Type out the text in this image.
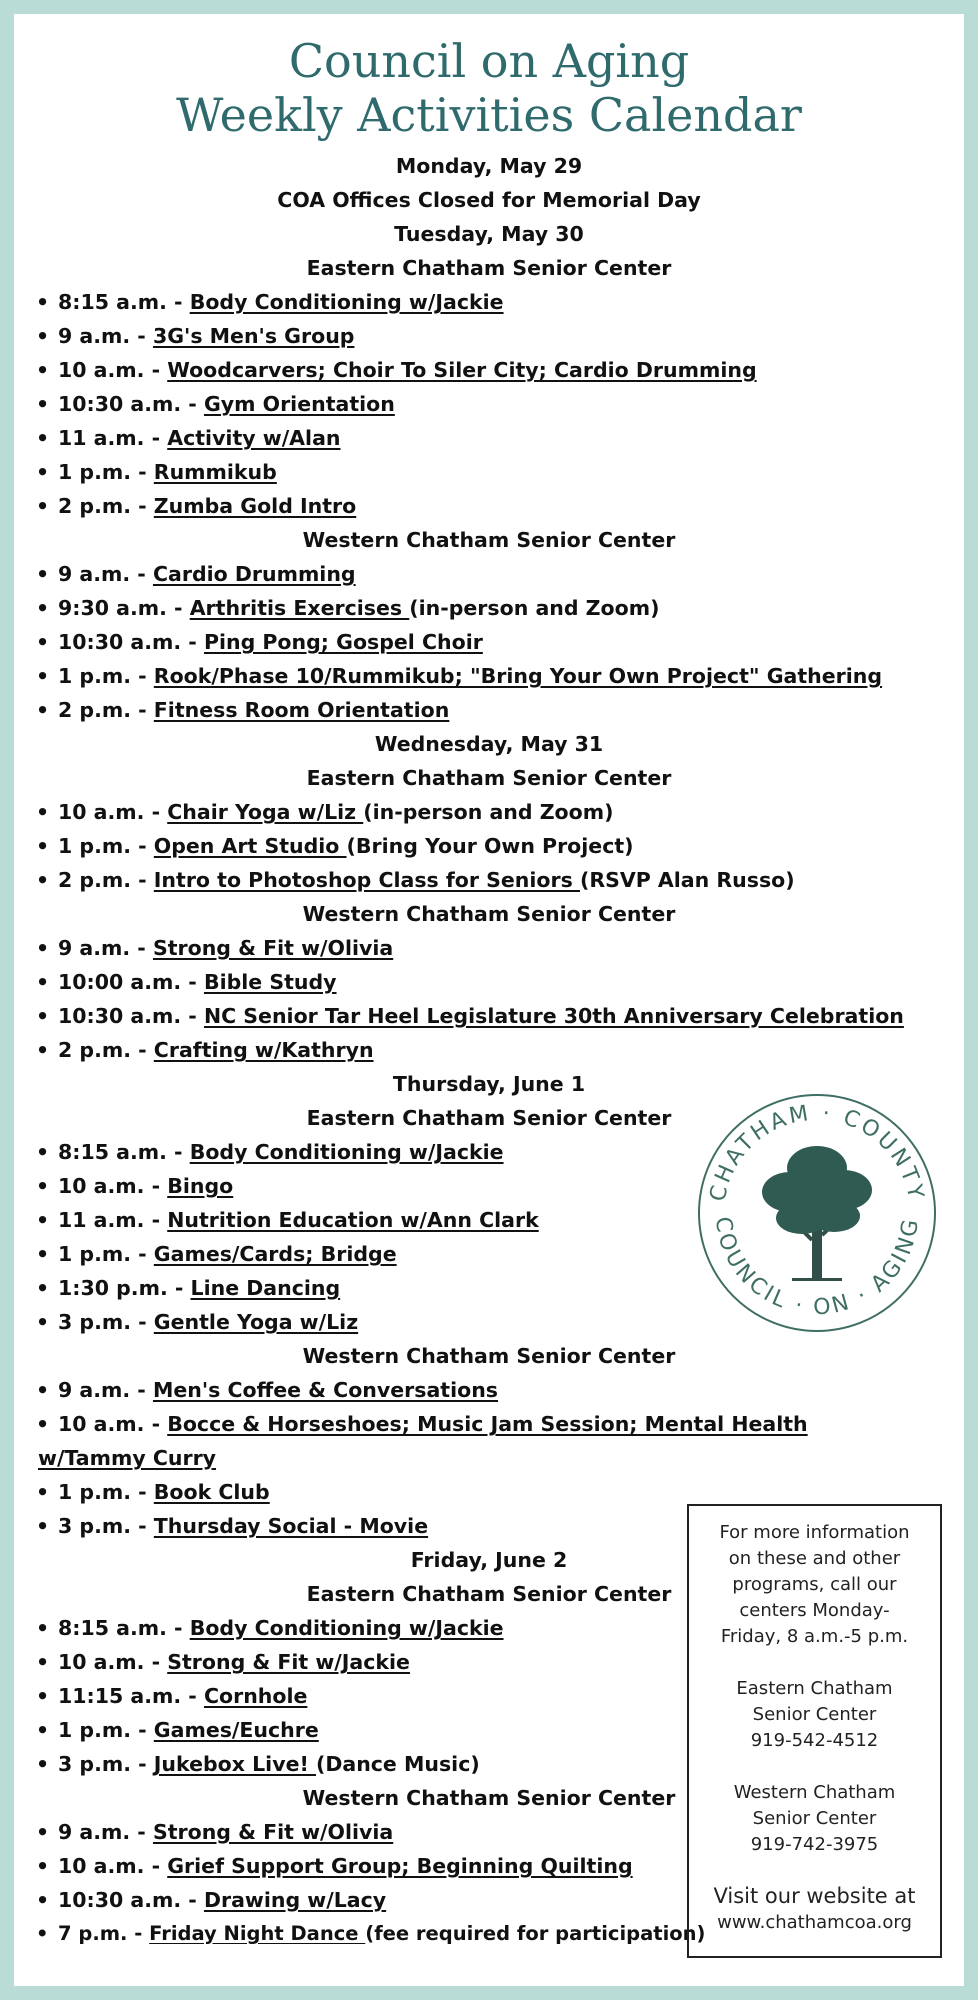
Council on Aging
Weekly Activities Calendar
Monday, May 29
COA Offices Closed for Memorial Day
Tuesday, May 30
Eastern Chatham Senior Center
• 8:15 a.m. - Body Conditioning w/Jackie
• 9 a.m. - 3G's Men's Group
• 10 a.m. - Woodcarvers; Choir To Siler City; Cardio Drumming
• 10:30 a.m. - Gym Orientation
• 11 a.m. - Activity w/Alan
• 1 p.m. - Rummikub
• 2 p.m. - Zumba Gold Intro
Western Chatham Senior Center
• 9 a.m. - Cardio Drumming
• 9:30 a.m. - Arthritis Exercises (in-person and Zoom)
• 10:30 a.m. - Ping Pong; Gospel Choir
• 1 p.m. - Rook/Phase 10/Rummikub; "Bring Your Own Project" Gathering
• 2 p.m. - Fitness Room Orientation
Wednesday, May 31
Eastern Chatham Senior Center
• 10 a.m. - Chair Yoga w/Liz (in-person and Zoom)
• 1 p.m. - Open Art Studio (Bring Your Own Project)
• 2 p.m. - Intro to Photoshop Class for Seniors (RSVP Alan Russo)
Western Chatham Senior Center
• 9 a.m. - Strong & Fit w/Olivia
• 10:00 a.m. - Bible Study
• 10:30 a.m. - NC Senior Tar Heel Legislature 30th Anniversary Celebration
• 2 p.m. - Crafting w/Kathryn
Thursday, June 1
Eastern Chatham Senior Center
• 8:15 a.m. - Body Conditioning w/Jackie
• 10 a.m. - Bingo
• 11 a.m. - Nutrition Education w/Ann Clark
• 1 p.m. - Games/Cards; Bridge
• 1:30 p.m. - Line Dancing
• 3 p.m. - Gentle Yoga w/Liz
Western Chatham Senior Center
• 9 a.m. - Men's Coffee & Conversations
• 10 a.m. - Bocce & Horseshoes; Music Jam Session; Mental Health
w/Tammy Curry
• 1 p.m. - Book Club
• 3 p.m. - Thursday Social - Movie
Friday, June 2
Eastern Chatham Senior Center
• 8:15 a.m. - Body Conditioning w/Jackie
• 10 a.m. - Strong & Fit w/Jackie
• 11:15 a.m. - Cornhole
• 1 p.m. - Games/Euchre
• 3 p.m. - Jukebox Live! (Dance Music)
Western Chatham Senior Center
• 9 a.m. - Strong & Fit w/Olivia
• 10 a.m. - Grief Support Group; Beginning Quilting
• 10:30 a.m. - Drawing w/Lacy
• 7 p.m. - Friday Night Dance (fee required for participation)
CHATHAM · COUNTY
COUNCIL · ON · AGING

For more information

on these and other

programs, call our

centers Monday-

Friday, 8 a.m.-5 p.m.

Eastern Chatham

Senior Center

919-542-4512

Western Chatham

Senior Center

919-742-3975

Visit our website at

www.chathamcoa.org
